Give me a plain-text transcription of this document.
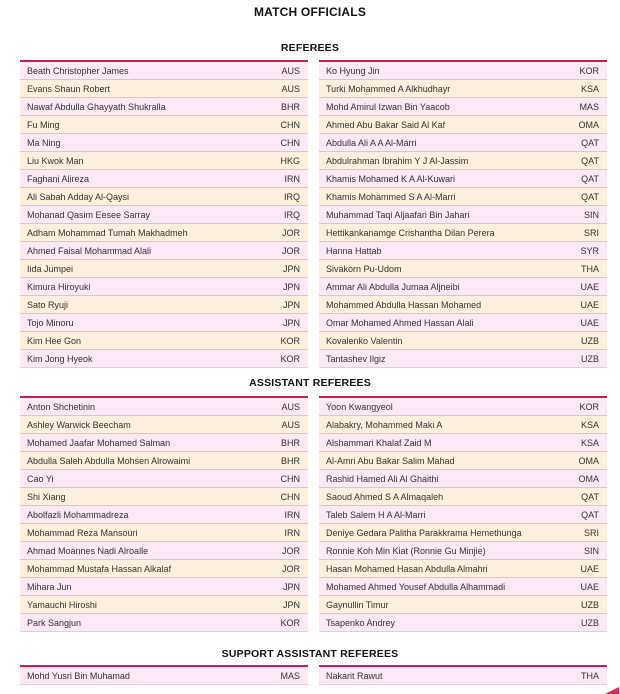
MATCH OFFICIALS
REFEREES
Beath Christopher James	AUS
Evans Shaun Robert	AUS
Nawaf Abdulla Ghayyath Shukralla	BHR
Fu Ming	CHN
Ma Ning	CHN
Liu Kwok Man	HKG
Faghani Alireza	IRN
Ali Sabah Adday Al-Qaysi	IRQ
Mohanad Qasim Eesee Sarray	IRQ
Adham Mohammad Tumah Makhadmeh	JOR
Ahmed Faisal Mohammad Alali	JOR
Iida Jumpei	JPN
Kimura Hiroyuki	JPN
Sato Ryuji	JPN
Tojo Minoru	JPN
Kim Hee Gon	KOR
Kim Jong Hyeok	KOR
Ko Hyung Jin	KOR
Turki Mohammed A Alkhudhayr	KSA
Mohd Amirul Izwan Bin Yaacob	MAS
Ahmed Abu Bakar Said Al Kaf	OMA
Abdulla Ali A A Al-Marri	QAT
Abdulrahman Ibrahim Y J Al-Jassim	QAT
Khamis Mohamed K A Al-Kuwari	QAT
Khamis Mohammed S A Al-Marri	QAT
Muhammad Taqi Aljaafari Bin Jahari	SIN
Hettikankanamge Crishantha Dilan Perera	SRI
Hanna Hattab	SYR
Sivakorn Pu-Udom	THA
Ammar Ali Abdulla Jumaa Aljneibi	UAE
Mohammed Abdulla Hassan Mohamed	UAE
Omar Mohamed Ahmed Hassan Alali	UAE
Kovalenko Valentin	UZB
Tantashev Ilgiz	UZB
ASSISTANT REFEREES
Anton Shchetinin	AUS
Ashley Warwick Beecham	AUS
Mohamed Jaafar Mohamed Salman	BHR
Abdulla Saleh Abdulla Mohsen Alrowaimi	BHR
Cao Yi	CHN
Shi Xiang	CHN
Abolfazli Mohammadreza	IRN
Mohammad Reza Mansouri	IRN
Ahmad Moannes Nadi Alroalle	JOR
Mohammad Mustafa Hassan Alkalaf	JOR
Mihara Jun	JPN
Yamauchi Hiroshi	JPN
Park Sangjun	KOR
Yoon Kwangyeol	KOR
Alabakry, Mohammed Maki A	KSA
Alshammari Khalaf Zaid M	KSA
Al-Amri Abu Bakar Salim Mahad	OMA
Rashid Hamed Ali Al Ghaithi	OMA
Saoud Ahmed S A Almaqaleh	QAT
Taleb Salem H A Al-Marri	QAT
Deniye Gedara Palitha Parakkrama Hemethunga	SRI
Ronnie Koh Min Kiat (Ronnie Gu Minjie)	SIN
Hasan Mohamed Hasan Abdulla Almahri	UAE
Mohamed Ahmed Yousef Abdulla Alhammadi	UAE
Gaynullin Timur	UZB
Tsapenko Andrey	UZB
SUPPORT ASSISTANT REFEREES
Mohd Yusri Bin Muhamad	MAS	Nakarit Rawut	THA
